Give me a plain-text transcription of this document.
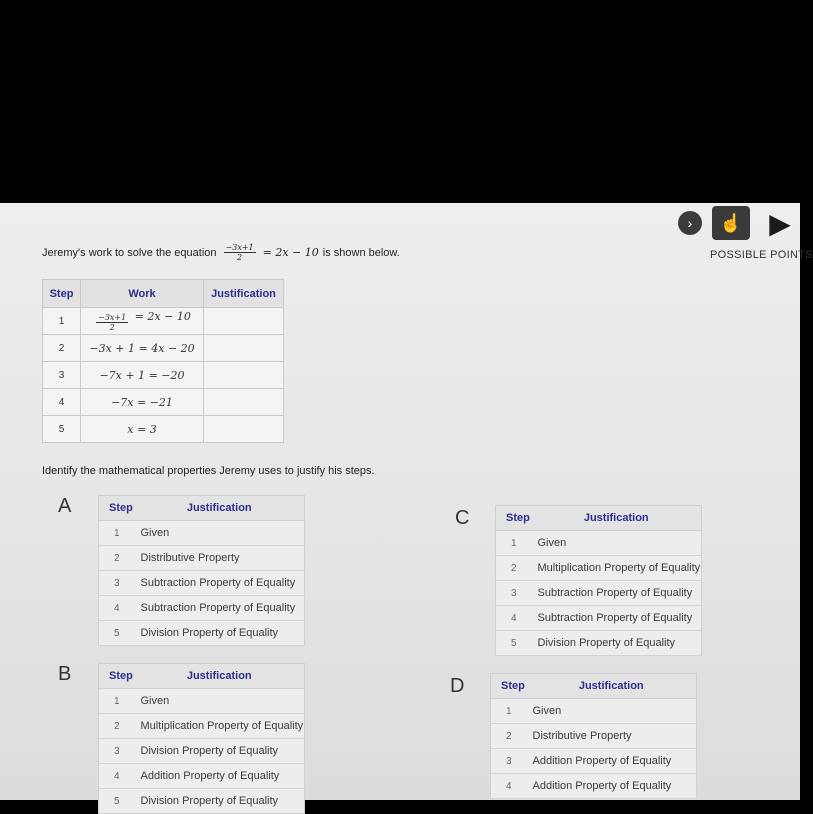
› ☝ ▶
POSSIBLE POINTS
Jeremy's work to solve the equation $\frac{-3x+1}{2} = 2x - 10$ is shown below.
Step	Work	Justification
1	$\frac{-3x+1}{2} = 2x - 10$	
2	−3x + 1 = 4x − 20	
3	−7x + 1 = −20	
4	−7x = −21	
5	x = 3	
Identify the mathematical properties Jeremy uses to justify his steps.
A	Step	Justification
1	Given
2	Distributive Property
3	Subtraction Property of Equality
4	Subtraction Property of Equality
5	Division Property of Equality
B	Step	Justification
1	Given
2	Multiplication Property of Equality
3	Division Property of Equality
4	Addition Property of Equality
5	Division Property of Equality
C	Step	Justification
1	Given
2	Multiplication Property of Equality
3	Subtraction Property of Equality
4	Subtraction Property of Equality
5	Division Property of Equality
D	Step	Justification
1	Given
2	Distributive Property
3	Addition Property of Equality
4	Addition Property of Equality
